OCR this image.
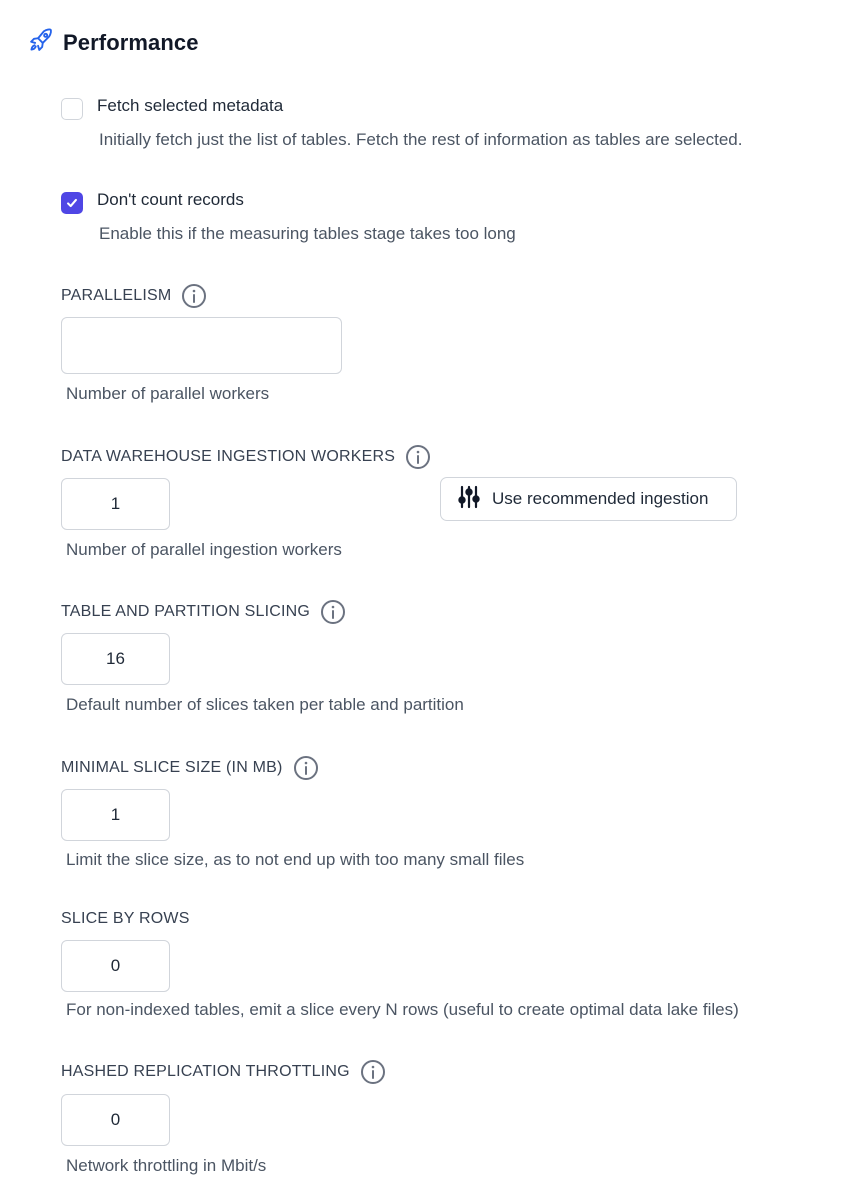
Performance
Fetch selected metadata
Initially fetch just the list of tables. Fetch the rest of information as tables are selected.
Don't count records
Enable this if the measuring tables stage takes too long
PARALLELISM
Number of parallel workers
DATA WAREHOUSE INGESTION WORKERS
1	Use recommended ingestion
Number of parallel ingestion workers
TABLE AND PARTITION SLICING
16
Default number of slices taken per table and partition
MINIMAL SLICE SIZE (IN MB)
1
Limit the slice size, as to not end up with too many small files
SLICE BY ROWS
0
For non-indexed tables, emit a slice every N rows (useful to create optimal data lake files)
HASHED REPLICATION THROTTLING
0
Network throttling in Mbit/s
